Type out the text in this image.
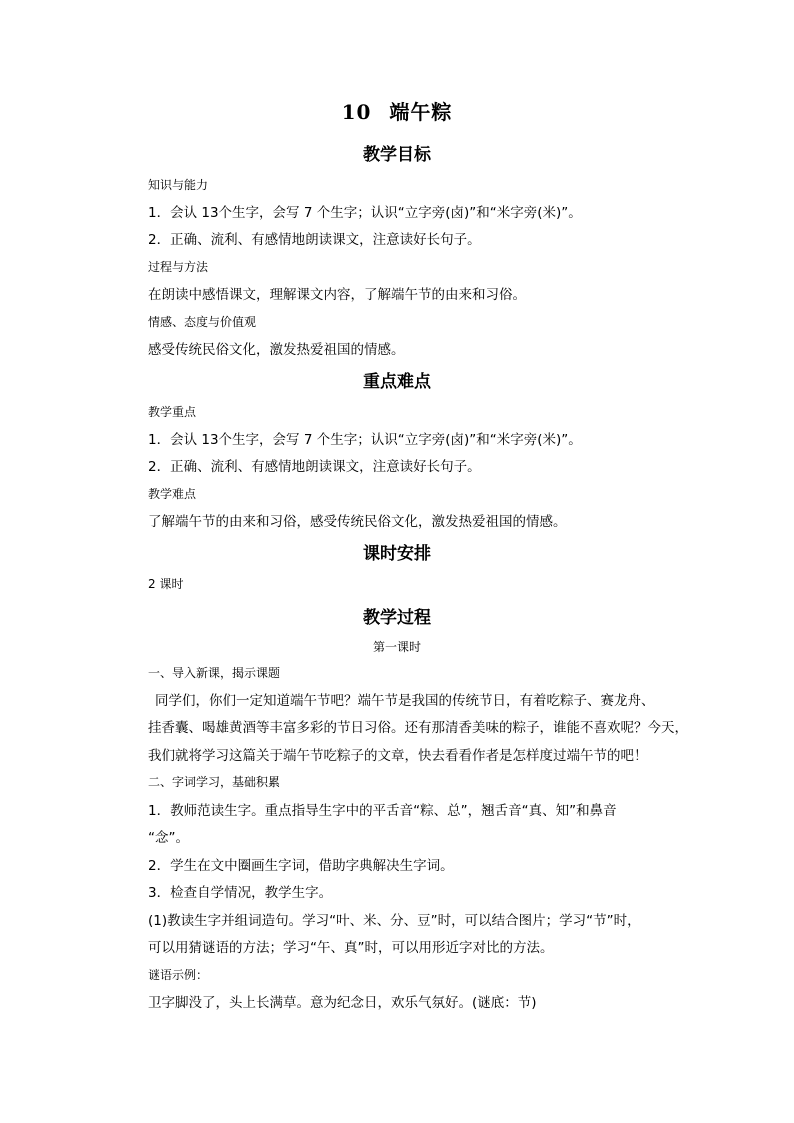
10 端午粽
教学目标
知识与能力
1．会认 13个生字，会写 7 个生字；认识“立字旁(⻧)”和“米字旁(米)”。
2．正确、流利、有感情地朗读课文，注意读好长句子。
过程与方法
在朗读中感悟课文，理解课文内容，了解端午节的由来和习俗。
情感、态度与价值观
感受传统民俗文化，激发热爱祖国的情感。
重点难点
教学重点
1．会认 13个生字，会写 7 个生字；认识“立字旁(⻧)”和“米字旁(米)”。
2．正确、流利、有感情地朗读课文，注意读好长句子。
教学难点
了解端午节的由来和习俗，感受传统民俗文化，激发热爱祖国的情感。
课时安排
2 课时
教学过程
第一课时
一、导入新课，揭示课题
同学们，你们一定知道端午节吧？端午节是我国的传统节日，有着吃粽子、赛龙舟、
挂香囊、喝雄黄酒等丰富多彩的节日习俗。还有那清香美味的粽子，谁能不喜欢呢？今天，
我们就将学习这篇关于端午节吃粽子的文章，快去看看作者是怎样度过端午节的吧！
二、字词学习，基础积累
1．教师范读生字。重点指导生字中的平舌音“粽、总”，翘舌音“真、知”和鼻音
“念”。
2．学生在文中圈画生字词，借助字典解决生字词。
3．检查自学情况，教学生字。
(1)教读生字并组词造句。学习“叶、米、分、豆”时，可以结合图片；学习“节”时，
可以用猜谜语的方法；学习“午、真”时，可以用形近字对比的方法。
谜语示例：
卫字脚没了，头上长满草。意为纪念日，欢乐气氛好。(谜底：节)
